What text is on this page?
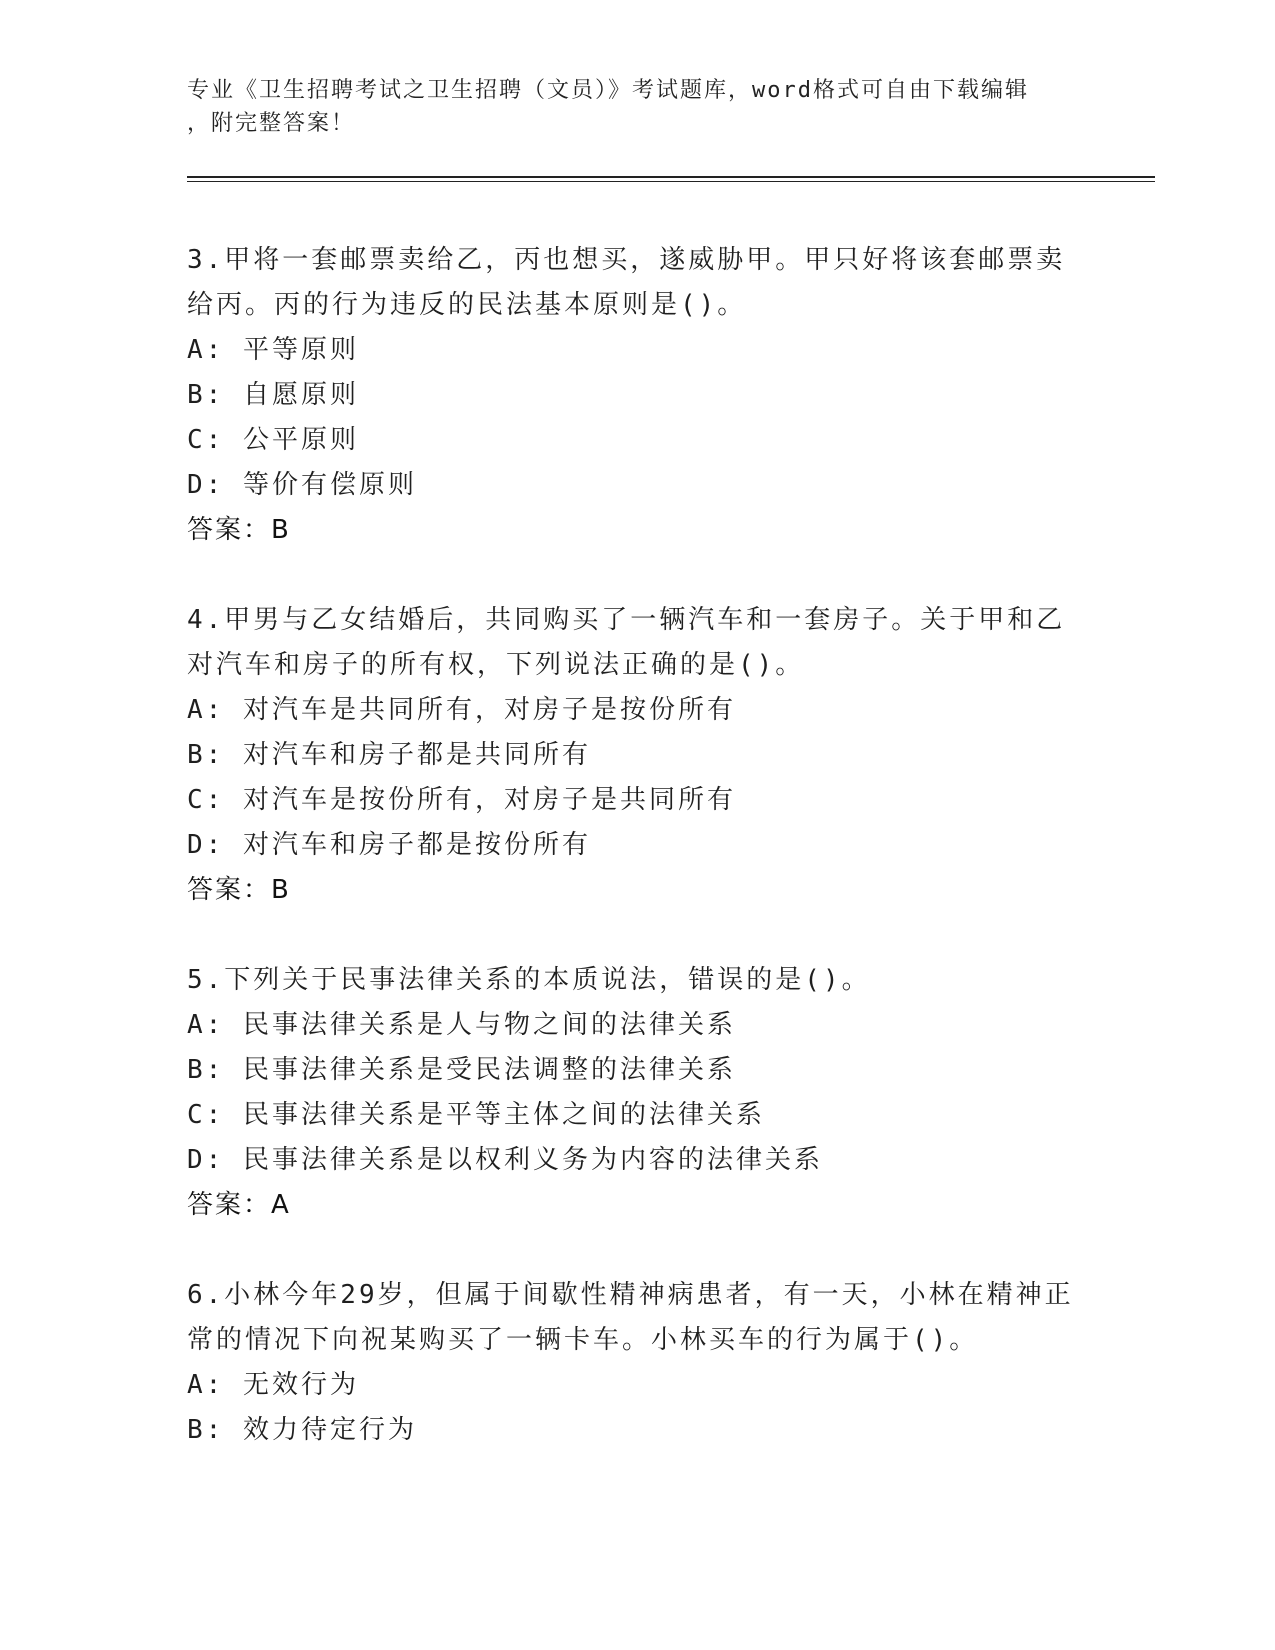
专业《卫生招聘考试之卫生招聘（文员）》考试题库，word格式可自由下载编辑
，附完整答案！
3.甲将一套邮票卖给乙，丙也想买，遂威胁甲。甲只好将该套邮票卖
给丙。丙的行为违反的民法基本原则是()。
A: 平等原则
B: 自愿原则
C: 公平原则
D: 等价有偿原则
答案：B
4.甲男与乙女结婚后，共同购买了一辆汽车和一套房子。关于甲和乙
对汽车和房子的所有权，下列说法正确的是()。
A: 对汽车是共同所有，对房子是按份所有
B: 对汽车和房子都是共同所有
C: 对汽车是按份所有，对房子是共同所有
D: 对汽车和房子都是按份所有
答案：B
5.下列关于民事法律关系的本质说法，错误的是()。
A: 民事法律关系是人与物之间的法律关系
B: 民事法律关系是受民法调整的法律关系
C: 民事法律关系是平等主体之间的法律关系
D: 民事法律关系是以权利义务为内容的法律关系
答案：A
6.小林今年29岁，但属于间歇性精神病患者，有一天，小林在精神正
常的情况下向祝某购买了一辆卡车。小林买车的行为属于()。
A: 无效行为
B: 效力待定行为
